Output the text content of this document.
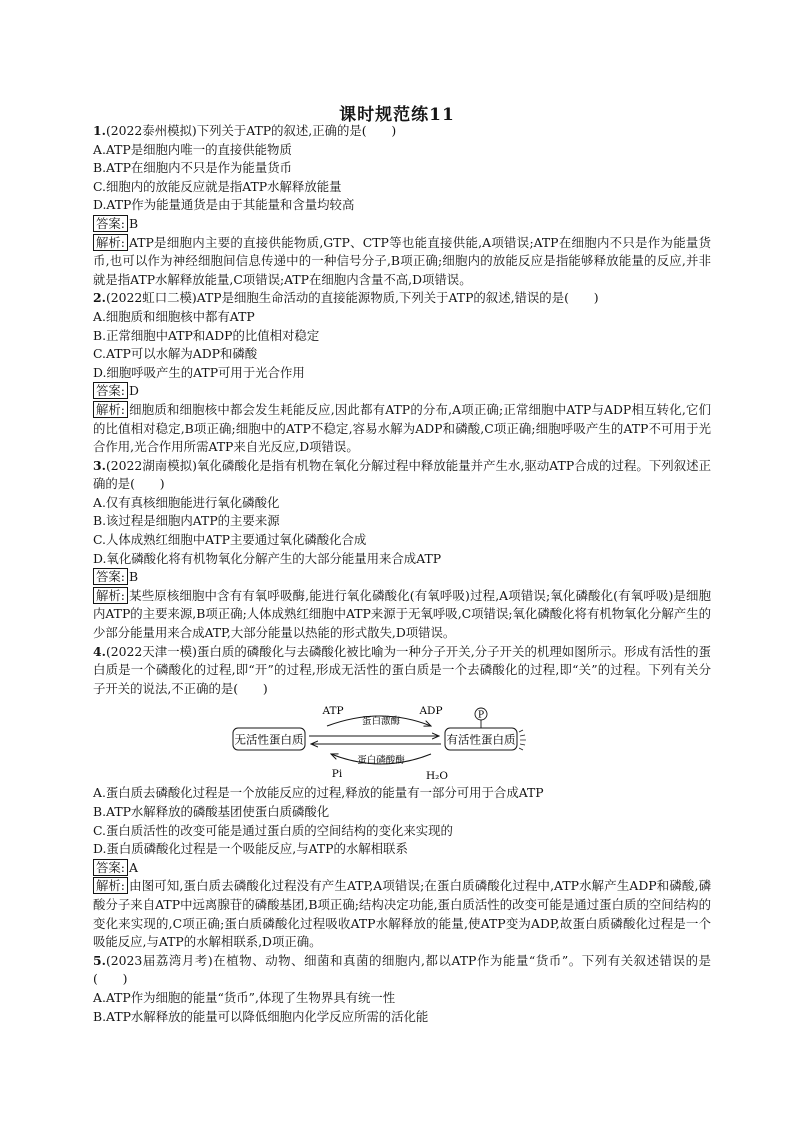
课时规范练11

1.(2022泰州模拟)下列关于ATP的叙述,正确的是(　　)

A.ATP是细胞内唯一的直接供能物质
B.ATP在细胞内不只是作为能量货币
C.细胞内的放能反应就是指ATP水解释放能量
D.ATP作为能量通货是由于其能量和含量均较高
答案: B

解析: ATP是细胞内主要的直接供能物质,GTP、CTP等也能直接供能,A项错误;ATP在细胞内不只是作为能量货币,也可以作为神经细胞间信息传递中的一种信号分子,B项正确;细胞内的放能反应是指能够释放能量的反应,并非就是指ATP水解释放能量,C项错误;ATP在细胞内含量不高,D项错误。

2.(2022虹口二模)ATP是细胞生命活动的直接能源物质,下列关于ATP的叙述,错误的是(　　)

A.细胞质和细胞核中都有ATP
B.正常细胞中ATP和ADP的比值相对稳定
C.ATP可以水解为ADP和磷酸
D.细胞呼吸产生的ATP可用于光合作用
答案: D

解析: 细胞质和细胞核中都会发生耗能反应,因此都有ATP的分布,A项正确;正常细胞中ATP与ADP相互转化,它们的比值相对稳定,B项正确;细胞中的ATP不稳定,容易水解为ADP和磷酸,C项正确;细胞呼吸产生的ATP不可用于光合作用,光合作用所需ATP来自光反应,D项错误。

3.(2022湖南模拟)氧化磷酸化是指有机物在氧化分解过程中释放能量并产生水,驱动ATP合成的过程。下列叙述正确的是(　　)

A.仅有真核细胞能进行氧化磷酸化
B.该过程是细胞内ATP的主要来源
C.人体成熟红细胞中ATP主要通过氧化磷酸化合成
D.氧化磷酸化将有机物氧化分解产生的大部分能量用来合成ATP
答案: B

解析: 某些原核细胞中含有有氧呼吸酶,能进行氧化磷酸化(有氧呼吸)过程,A项错误;氧化磷酸化(有氧呼吸)是细胞内ATP的主要来源,B项正确;人体成熟红细胞中ATP来源于无氧呼吸,C项错误;氧化磷酸化将有机物氧化分解产生的少部分能量用来合成ATP,大部分能量以热能的形式散失,D项错误。

4.(2022天津一模)蛋白质的磷酸化与去磷酸化被比喻为一种分子开关,分子开关的机理如图所示。形成有活性的蛋白质是一个磷酸化的过程,即“开”的过程,形成无活性的蛋白质是一个去磷酸化的过程,即“关”的过程。下列有关分子开关的说法,不正确的是(　　)

无活性蛋白质	有活性蛋白质
P
ATP	ADP
蛋白激酶
蛋白磷酸酶
Pi	H₂O
A.蛋白质去磷酸化过程是一个放能反应的过程,释放的能量有一部分可用于合成ATP
B.ATP水解释放的磷酸基团使蛋白质磷酸化
C.蛋白质活性的改变可能是通过蛋白质的空间结构的变化来实现的
D.蛋白质磷酸化过程是一个吸能反应,与ATP的水解相联系
答案: A

解析: 由图可知,蛋白质去磷酸化过程没有产生ATP,A项错误;在蛋白质磷酸化过程中,ATP水解产生ADP和磷酸,磷酸分子来自ATP中远离腺苷的磷酸基团,B项正确;结构决定功能,蛋白质活性的改变可能是通过蛋白质的空间结构的变化来实现的,C项正确;蛋白质磷酸化过程吸收ATP水解释放的能量,使ATP变为ADP,故蛋白质磷酸化过程是一个吸能反应,与ATP的水解相联系,D项正确。

5.(2023届荔湾月考)在植物、动物、细菌和真菌的细胞内,都以ATP作为能量“货币”。下列有关叙述错误的是(　　)

A.ATP作为细胞的能量“货币”,体现了生物界具有统一性
B.ATP水解释放的能量可以降低细胞内化学反应所需的活化能
